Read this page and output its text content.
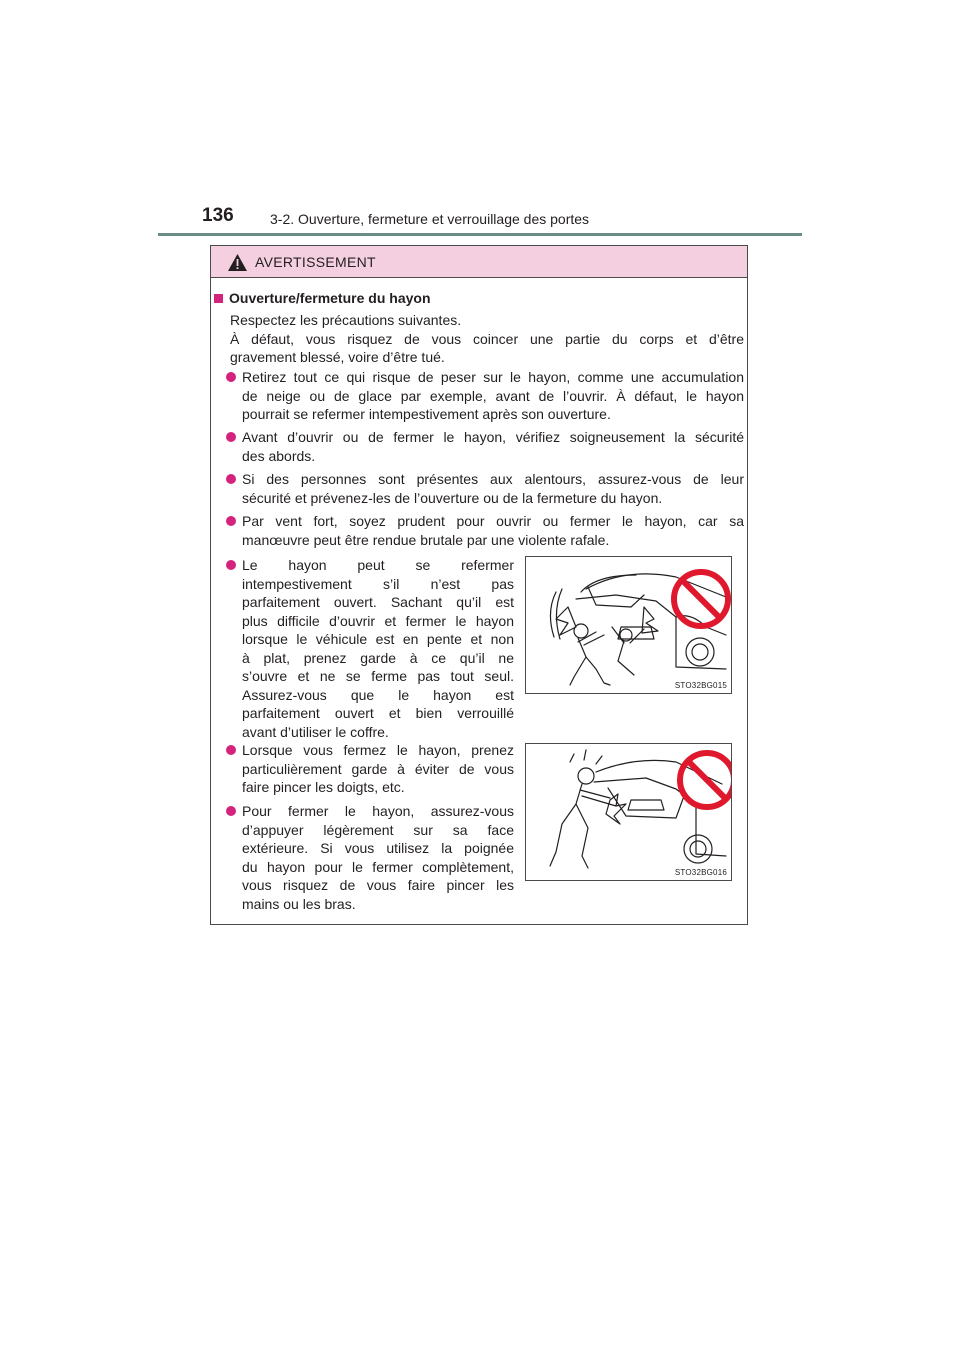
136	3-2. Ouverture, fermeture et verrouillage des portes
AVERTISSEMENT
Ouverture/fermeture du hayon
Respectez les précautions suivantes.
À défaut, vous risquez de vous coincer une partie du corps et d’être
gravement blessé, voire d’être tué.
Retirez tout ce qui risque de peser sur le hayon, comme une accumulation
de neige ou de glace par exemple, avant de l’ouvrir. À défaut, le hayon
pourrait se refermer intempestivement après son ouverture.
Avant d’ouvrir ou de fermer le hayon, vérifiez soigneusement la sécurité
des abords.
Si des personnes sont présentes aux alentours, assurez-vous de leur
sécurité et prévenez-les de l’ouverture ou de la fermeture du hayon.
Par vent fort, soyez prudent pour ouvrir ou fermer le hayon, car sa
manœuvre peut être rendue brutale par une violente rafale.
Le hayon peut se refermer
intempestivement s’il n’est pas
parfaitement ouvert. Sachant qu’il est
plus difficile d’ouvrir et fermer le hayon
lorsque le véhicule est en pente et non
à plat, prenez garde à ce qu’il ne
s’ouvre et ne se ferme pas tout seul.
Assurez-vous que le hayon est
parfaitement ouvert et bien verrouillé
avant d’utiliser le coffre.
STO32BG015
Lorsque vous fermez le hayon, prenez
particulièrement garde à éviter de vous
faire pincer les doigts, etc.
Pour fermer le hayon, assurez-vous
d’appuyer légèrement sur sa face
extérieure. Si vous utilisez la poignée
du hayon pour le fermer complètement,
vous risquez de vous faire pincer les
mains ou les bras.
STO32BG016
